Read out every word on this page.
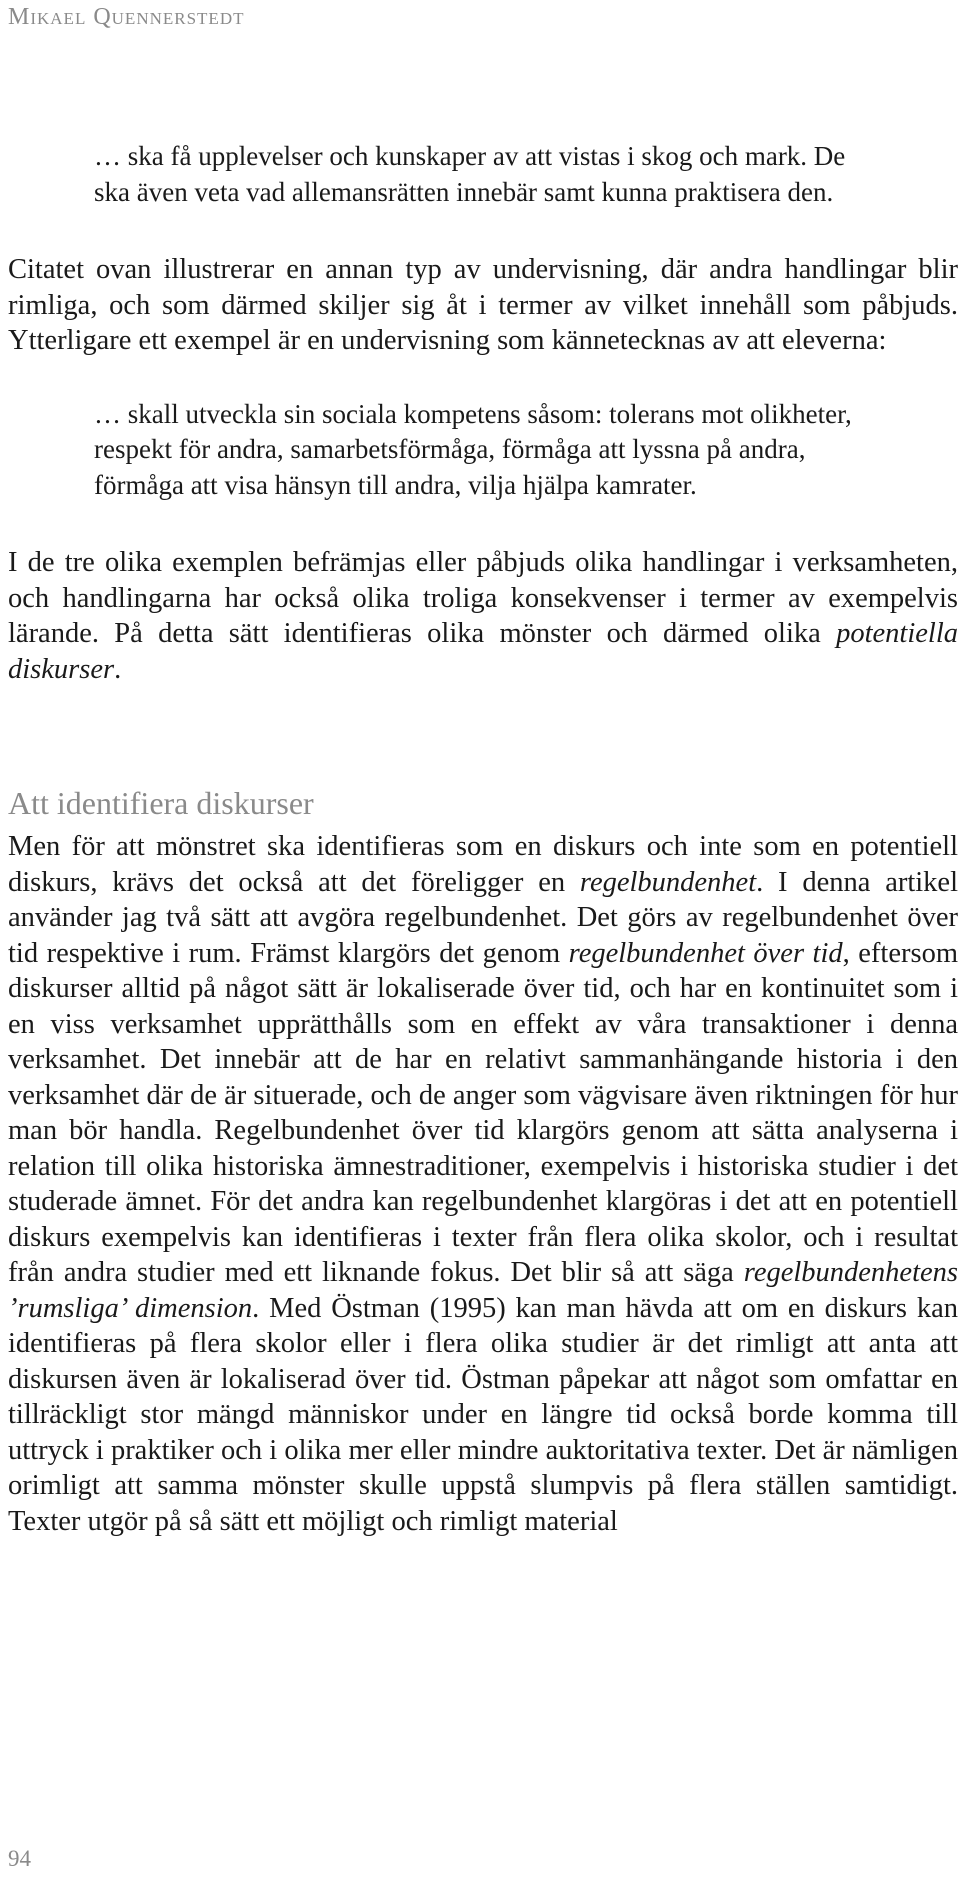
Mikael Quennerstedt

… ska få upplevelser och kunskaper av att vistas i skog och mark. De ska även veta vad allemansrätten innebär samt kunna praktisera den.

Citatet ovan illustrerar en annan typ av undervisning, där andra handlingar blir rimliga, och som därmed skiljer sig åt i termer av vilket innehåll som påbjuds. Ytterligare ett exempel är en undervisning som kännetecknas av att eleverna:

… skall utveckla sin sociala kompetens såsom: tolerans mot olikheter, respekt för andra, samarbetsförmåga, förmåga att lyssna på andra, förmåga att visa hänsyn till andra, vilja hjälpa kamrater.

I de tre olika exemplen befrämjas eller påbjuds olika handlingar i verksamheten, och handlingarna har också olika troliga konsekvenser i termer av exempelvis lärande. På detta sätt identifieras olika mönster och därmed olika potentiella diskurser.

Att identifiera diskurser

Men för att mönstret ska identifieras som en diskurs och inte som en potentiell diskurs, krävs det också att det föreligger en regelbundenhet. I denna artikel använder jag två sätt att avgöra regelbundenhet. Det görs av regelbundenhet över tid respektive i rum. Främst klargörs det genom regelbundenhet över tid, eftersom diskurser alltid på något sätt är lokaliserade över tid, och har en kontinuitet som i en viss verksamhet upprätthålls som en effekt av våra transaktioner i denna verksamhet. Det innebär att de har en relativt sammanhängande historia i den verksamhet där de är situerade, och de anger som vägvisare även riktningen för hur man bör handla. Regelbundenhet över tid klargörs genom att sätta analyserna i relation till olika historiska ämnestraditioner, exempelvis i historiska studier i det studerade ämnet. För det andra kan regelbundenhet klargöras i det att en potentiell diskurs exempelvis kan identifieras i texter från flera olika skolor, och i resultat från andra studier med ett liknande fokus. Det blir så att säga regelbundenhetens ’rumsliga’ dimension. Med Östman (1995) kan man hävda att om en diskurs kan identifieras på flera skolor eller i flera olika studier är det rimligt att anta att diskursen även är lokaliserad över tid. Östman påpekar att något som omfattar en tillräckligt stor mängd människor under en längre tid också borde komma till uttryck i praktiker och i olika mer eller mindre auktoritativa texter. Det är nämligen orimligt att samma mönster skulle uppstå slumpvis på flera ställen samtidigt. Texter utgör på så sätt ett möjligt och rimligt material

94
